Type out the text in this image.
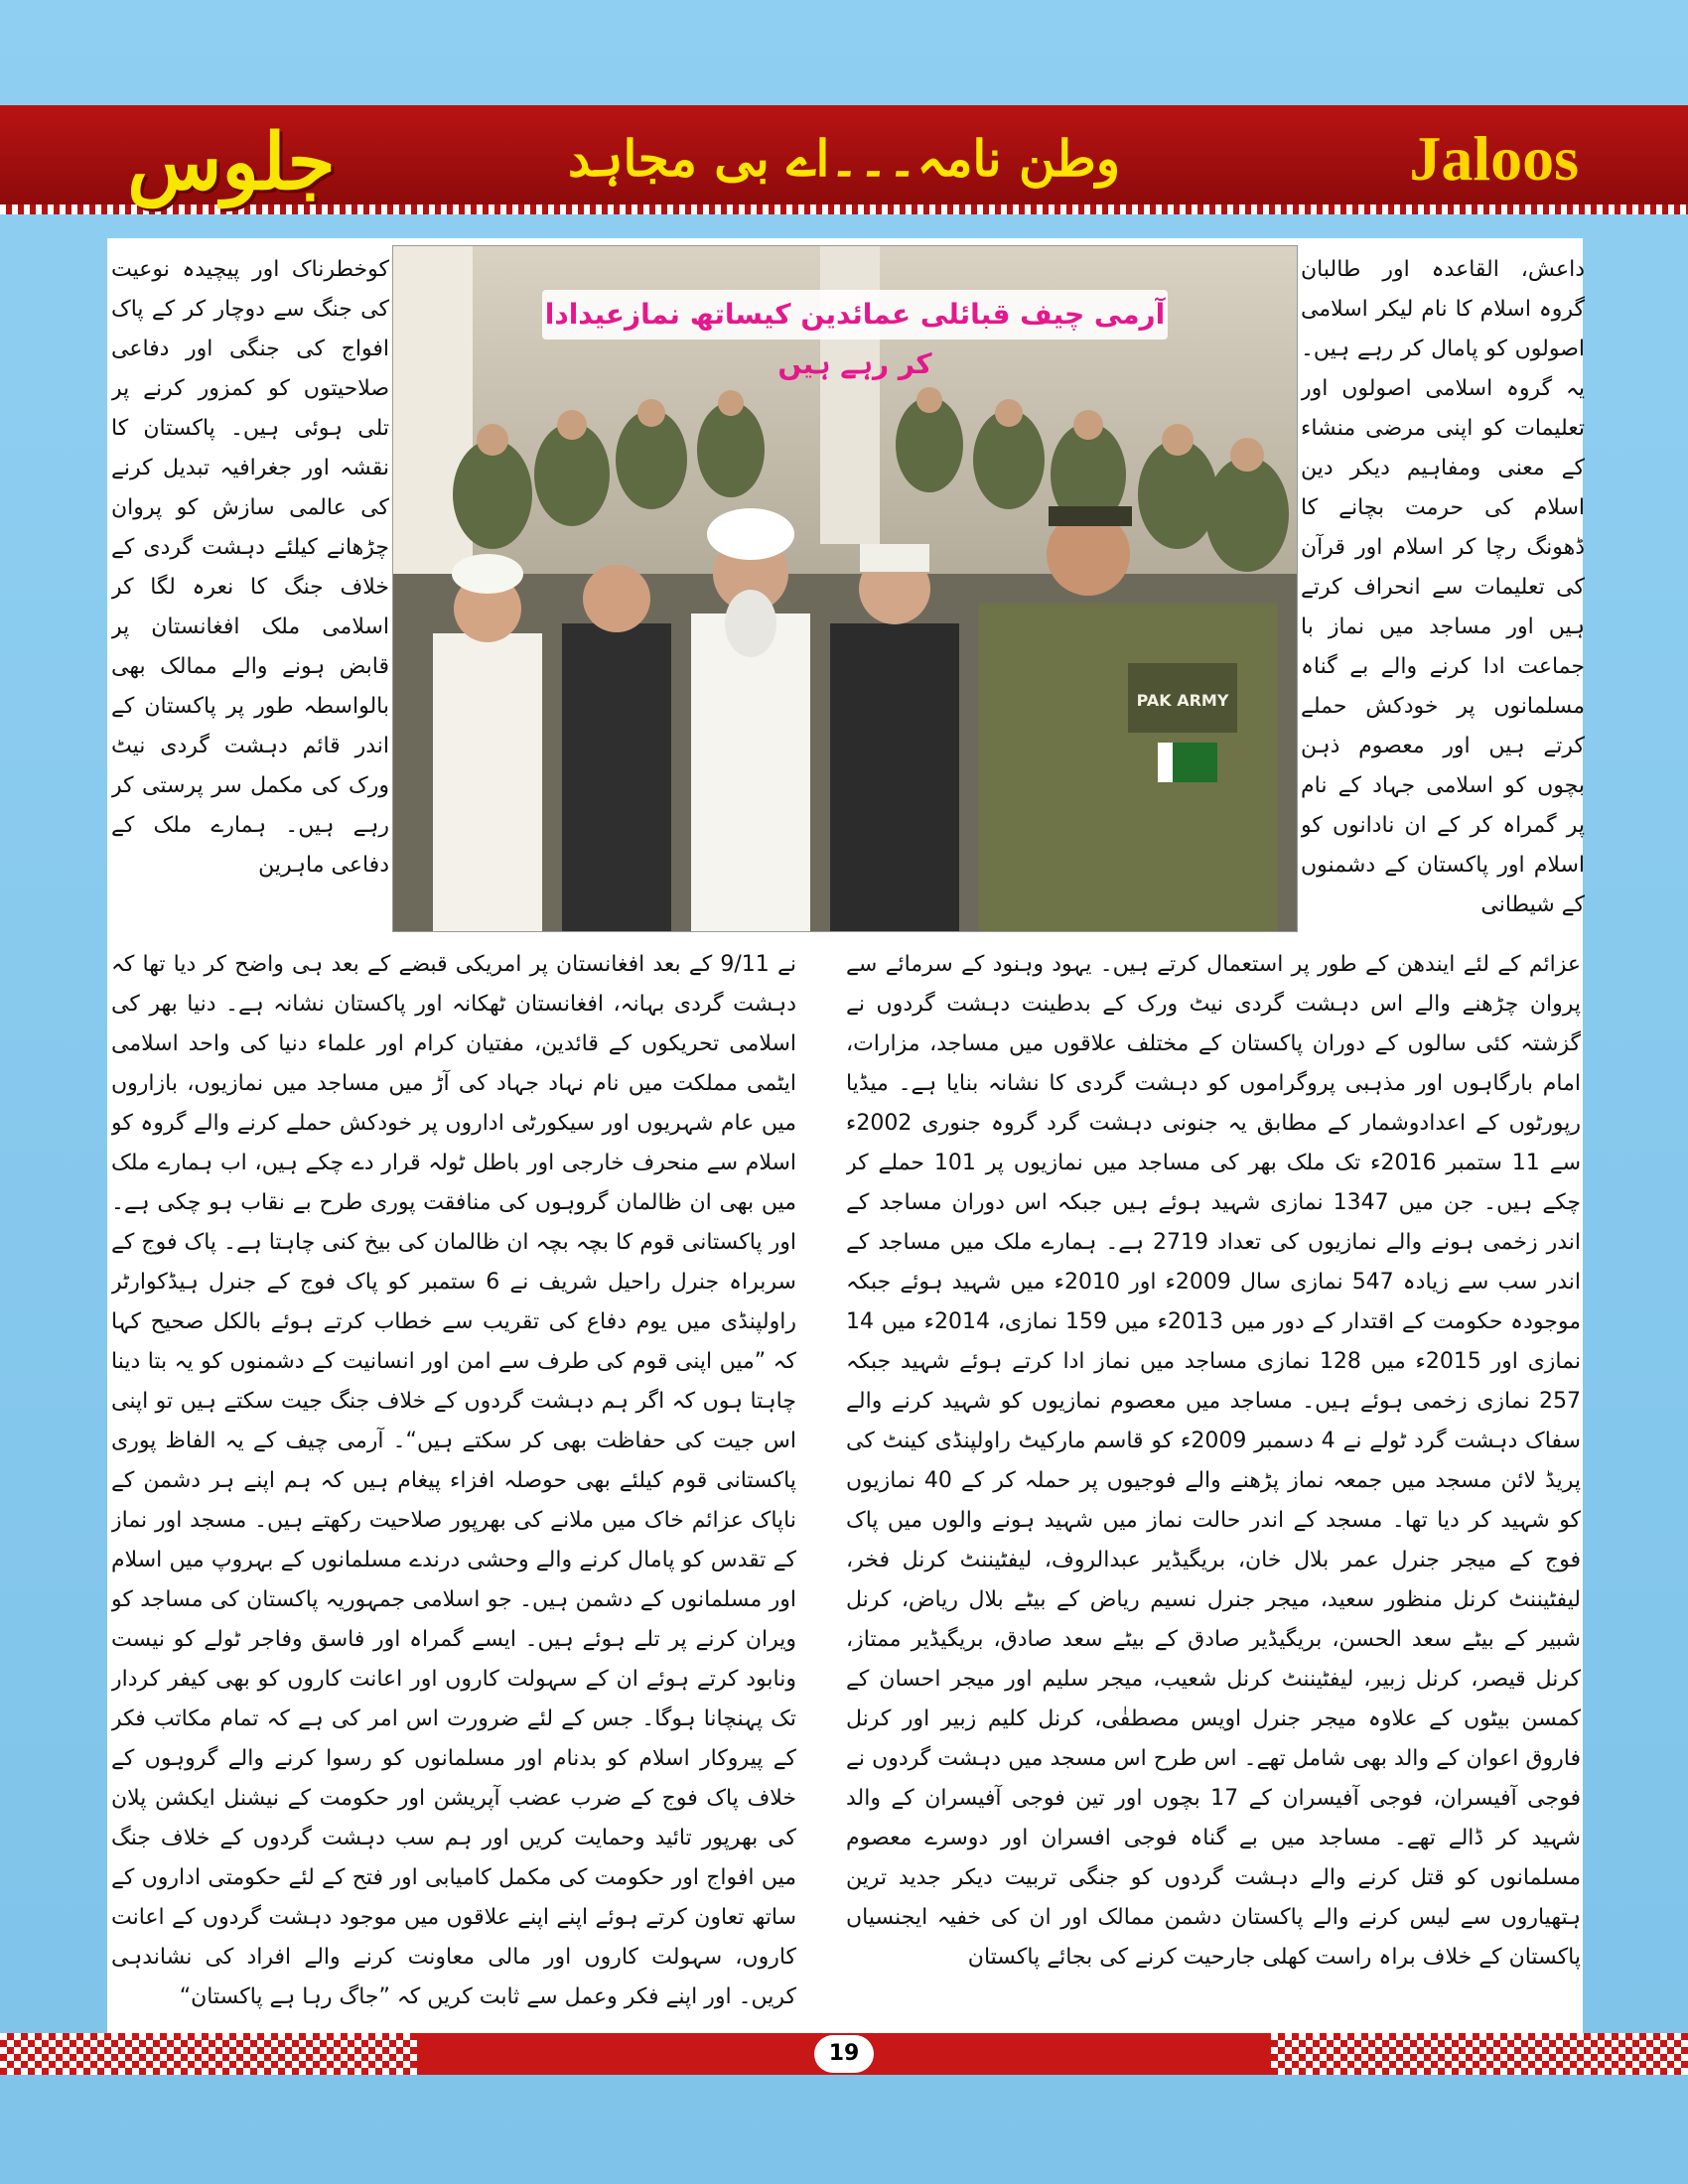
جلوس	وطن نامہ۔۔۔اے بی مجاہد	Jaloos
کوخطرناک اور پیچیدہ نوعیت کی جنگ سے دوچار کر کے پاک افواج کی جنگی اور دفاعی صلاحیتوں کو کمزور کرنے پر تلی ہوئی ہیں۔ پاکستان کا نقشہ اور جغرافیہ تبدیل کرنے کی عالمی سازش کو پروان چڑھانے کیلئے دہشت گردی کے خلاف جنگ کا نعرہ لگا کر اسلامی ملک افغانستان پر قابض ہونے والے ممالک بھی بالواسطہ طور پر پاکستان کے اندر قائم دہشت گردی نیٹ ورک کی مکمل سر پرستی کر رہے ہیں۔ ہمارے ملک کے دفاعی ماہرین
داعش، القاعدہ اور طالبان گروہ اسلام کا نام لیکر اسلامی اصولوں کو پامال کر رہے ہیں۔ یہ گروہ اسلامی اصولوں اور تعلیمات کو اپنی مرضی منشاء کے معنی ومفاہیم دیکر دین اسلام کی حرمت بچانے کا ڈھونگ رچا کر اسلام اور قرآن کی تعلیمات سے انحراف کرتے ہیں اور مساجد میں نماز با جماعت ادا کرنے والے بے گناہ مسلمانوں پر خودکش حملے کرتے ہیں اور معصوم ذہن بچوں کو اسلامی جہاد کے نام پر گمراہ کر کے ان نادانوں کو اسلام اور پاکستان کے دشمنوں کے شیطانی
PAK ARMY
آرمی چیف قبائلی عمائدین کیساتھ نمازعیدادا کر رہے ہیں
عزائم کے لئے ایندھن کے طور پر استعمال کرتے ہیں۔ یہود وہنود کے سرمائے سے پروان چڑھنے والے اس دہشت گردی نیٹ ورک کے بدطینت دہشت گردوں نے گزشتہ کئی سالوں کے دوران پاکستان کے مختلف علاقوں میں مساجد، مزارات، امام بارگاہوں اور مذہبی پروگراموں کو دہشت گردی کا نشانہ بنایا ہے۔ میڈیا رپورٹوں کے اعدادوشمار کے مطابق یہ جنونی دہشت گرد گروہ جنوری 2002ء سے 11 ستمبر 2016ء تک ملک بھر کی مساجد میں نمازیوں پر 101 حملے کر چکے ہیں۔ جن میں 1347 نمازی شہید ہوئے ہیں جبکہ اس دوران مساجد کے اندر زخمی ہونے والے نمازیوں کی تعداد 2719 ہے۔ ہمارے ملک میں مساجد کے اندر سب سے زیادہ 547 نمازی سال 2009ء اور 2010ء میں شہید ہوئے جبکہ موجودہ حکومت کے اقتدار کے دور میں 2013ء میں 159 نمازی، 2014ء میں 14 نمازی اور 2015ء میں 128 نمازی مساجد میں نماز ادا کرتے ہوئے شہید جبکہ 257 نمازی زخمی ہوئے ہیں۔ مساجد میں معصوم نمازیوں کو شہید کرنے والے سفاک دہشت گرد ٹولے نے 4 دسمبر 2009ء کو قاسم مارکیٹ راولپنڈی کینٹ کی پریڈ لائن مسجد میں جمعہ نماز پڑھنے والے فوجیوں پر حملہ کر کے 40 نمازیوں کو شہید کر دیا تھا۔ مسجد کے اندر حالت نماز میں شہید ہونے والوں میں پاک فوج کے میجر جنرل عمر بلال خان، بریگیڈیر عبدالروف، لیفٹیننٹ کرنل فخر، لیفٹیننٹ کرنل منظور سعید، میجر جنرل نسیم ریاض کے بیٹے بلال ریاض، کرنل شبیر کے بیٹے سعد الحسن، بریگیڈیر صادق کے بیٹے سعد صادق، بریگیڈیر ممتاز، کرنل قیصر، کرنل زبیر، لیفٹیننٹ کرنل شعیب، میجر سلیم اور میجر احسان کے کمسن بیٹوں کے علاوہ میجر جنرل اویس مصطفٰی، کرنل کلیم زبیر اور کرنل فاروق اعوان کے والد بھی شامل تھے۔ اس طرح اس مسجد میں دہشت گردوں نے فوجی آفیسران، فوجی آفیسران کے 17 بچوں اور تین فوجی آفیسران کے والد شہید کر ڈالے تھے۔ مساجد میں بے گناہ فوجی افسران اور دوسرے معصوم مسلمانوں کو قتل کرنے والے دہشت گردوں کو جنگی تربیت دیکر جدید ترین ہتھیاروں سے لیس کرنے والے پاکستان دشمن ممالک اور ان کی خفیہ ایجنسیاں پاکستان کے خلاف براہ راست کھلی جارحیت کرنے کی بجائے پاکستان
نے 9/11 کے بعد افغانستان پر امریکی قبضے کے بعد ہی واضح کر دیا تھا کہ دہشت گردی بہانہ، افغانستان ٹھکانہ اور پاکستان نشانہ ہے۔ دنیا بھر کی اسلامی تحریکوں کے قائدین، مفتیان کرام اور علماء دنیا کی واحد اسلامی ایٹمی مملکت میں نام نہاد جہاد کی آڑ میں مساجد میں نمازیوں، بازاروں میں عام شہریوں اور سیکورٹی اداروں پر خودکش حملے کرنے والے گروہ کو اسلام سے منحرف خارجی اور باطل ٹولہ قرار دے چکے ہیں، اب ہمارے ملک میں بھی ان ظالمان گروہوں کی منافقت پوری طرح بے نقاب ہو چکی ہے۔ اور پاکستانی قوم کا بچہ بچہ ان ظالمان کی بیخ کنی چاہتا ہے۔ پاک فوج کے سربراہ جنرل راحیل شریف نے 6 ستمبر کو پاک فوج کے جنرل ہیڈکوارٹر راولپنڈی میں یوم دفاع کی تقریب سے خطاب کرتے ہوئے بالکل صحیح کہا کہ ”میں اپنی قوم کی طرف سے امن اور انسانیت کے دشمنوں کو یہ بتا دینا چاہتا ہوں کہ اگر ہم دہشت گردوں کے خلاف جنگ جیت سکتے ہیں تو اپنی اس جیت کی حفاظت بھی کر سکتے ہیں“۔ آرمی چیف کے یہ الفاظ پوری پاکستانی قوم کیلئے بھی حوصلہ افزاء پیغام ہیں کہ ہم اپنے ہر دشمن کے ناپاک عزائم خاک میں ملانے کی بھرپور صلاحیت رکھتے ہیں۔ مسجد اور نماز کے تقدس کو پامال کرنے والے وحشی درندے مسلمانوں کے بہروپ میں اسلام اور مسلمانوں کے دشمن ہیں۔ جو اسلامی جمہوریہ پاکستان کی مساجد کو ویران کرنے پر تلے ہوئے ہیں۔ ایسے گمراہ اور فاسق وفاجر ٹولے کو نیست ونابود کرتے ہوئے ان کے سہولت کاروں اور اعانت کاروں کو بھی کیفر کردار تک پہنچانا ہوگا۔ جس کے لئے ضرورت اس امر کی ہے کہ تمام مکاتب فکر کے پیروکار اسلام کو بدنام اور مسلمانوں کو رسوا کرنے والے گروہوں کے خلاف پاک فوج کے ضرب عضب آپریشن اور حکومت کے نیشنل ایکشن پلان کی بھرپور تائید وحمایت کریں اور ہم سب دہشت گردوں کے خلاف جنگ میں افواج اور حکومت کی مکمل کامیابی اور فتح کے لئے حکومتی اداروں کے ساتھ تعاون کرتے ہوئے اپنے اپنے علاقوں میں موجود دہشت گردوں کے اعانت کاروں، سہولت کاروں اور مالی معاونت کرنے والے افراد کی نشاندہی کریں۔ اور اپنے فکر وعمل سے ثابت کریں کہ ”جاگ رہا ہے پاکستان“
19
